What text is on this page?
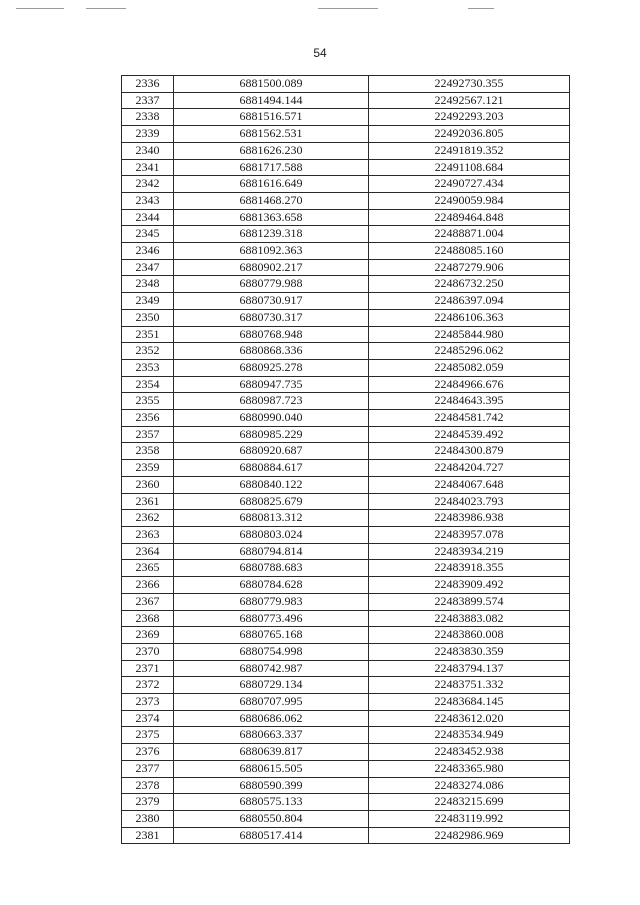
54
2336	6881500.089	22492730.355
2337	6881494.144	22492567.121
2338	6881516.571	22492293.203
2339	6881562.531	22492036.805
2340	6881626.230	22491819.352
2341	6881717.588	22491108.684
2342	6881616.649	22490727.434
2343	6881468.270	22490059.984
2344	6881363.658	22489464.848
2345	6881239.318	22488871.004
2346	6881092.363	22488085.160
2347	6880902.217	22487279.906
2348	6880779.988	22486732.250
2349	6880730.917	22486397.094
2350	6880730.317	22486106.363
2351	6880768.948	22485844.980
2352	6880868.336	22485296.062
2353	6880925.278	22485082.059
2354	6880947.735	22484966.676
2355	6880987.723	22484643.395
2356	6880990.040	22484581.742
2357	6880985.229	22484539.492
2358	6880920.687	22484300.879
2359	6880884.617	22484204.727
2360	6880840.122	22484067.648
2361	6880825.679	22484023.793
2362	6880813.312	22483986.938
2363	6880803.024	22483957.078
2364	6880794.814	22483934.219
2365	6880788.683	22483918.355
2366	6880784.628	22483909.492
2367	6880779.983	22483899.574
2368	6880773.496	22483883.082
2369	6880765.168	22483860.008
2370	6880754.998	22483830.359
2371	6880742.987	22483794.137
2372	6880729.134	22483751.332
2373	6880707.995	22483684.145
2374	6880686.062	22483612.020
2375	6880663.337	22483534.949
2376	6880639.817	22483452.938
2377	6880615.505	22483365.980
2378	6880590.399	22483274.086
2379	6880575.133	22483215.699
2380	6880550.804	22483119.992
2381	6880517.414	22482986.969
